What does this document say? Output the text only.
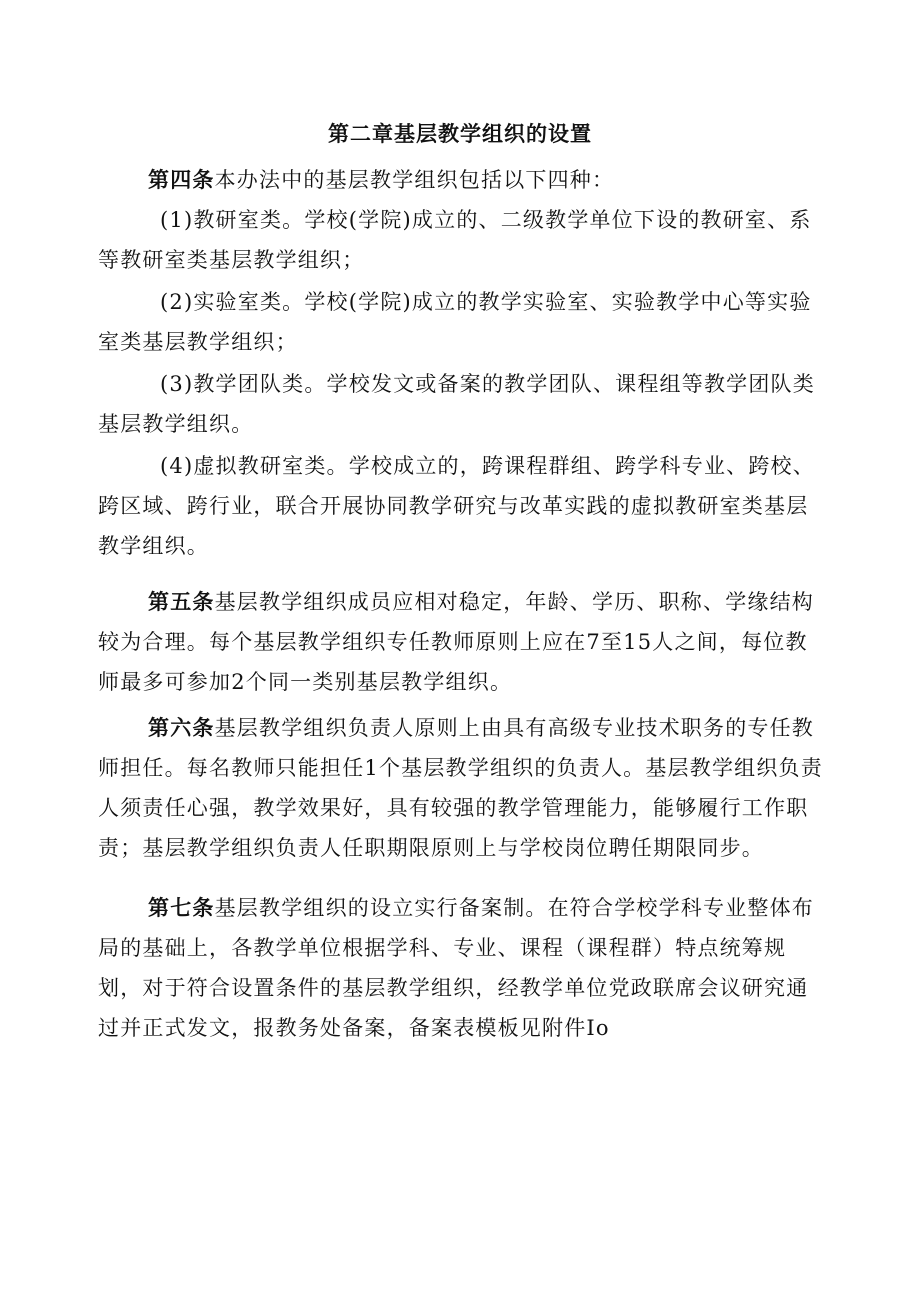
第二章基层教学组织的设置

第四条本办法中的基层教学组织包括以下四种：

(1)教研室类。学校(学院)成立的、二级教学单位下设的教研室、系等教研室类基层教学组织；

(2)实验室类。学校(学院)成立的教学实验室、实验教学中心等实验室类基层教学组织；

(3)教学团队类。学校发文或备案的教学团队、课程组等教学团队类基层教学组织。

(4)虚拟教研室类。学校成立的，跨课程群组、跨学科专业、跨校、跨区域、跨行业，联合开展协同教学研究与改革实践的虚拟教研室类基层教学组织。

第五条基层教学组织成员应相对稳定，年龄、学历、职称、学缘结构较为合理。每个基层教学组织专任教师原则上应在7至15人之间，每位教师最多可参加2个同一类别基层教学组织。

第六条基层教学组织负责人原则上由具有高级专业技术职务的专任教师担任。每名教师只能担任1个基层教学组织的负责人。基层教学组织负责人须责任心强，教学效果好，具有较强的教学管理能力，能够履行工作职责；基层教学组织负责人任职期限原则上与学校岗位聘任期限同步。

第七条基层教学组织的设立实行备案制。在符合学校学科专业整体布局的基础上，各教学单位根据学科、专业、课程（课程群）特点统筹规划，对于符合设置条件的基层教学组织，经教学单位党政联席会议研究通过并正式发文，报教务处备案，备案表模板见附件Io
